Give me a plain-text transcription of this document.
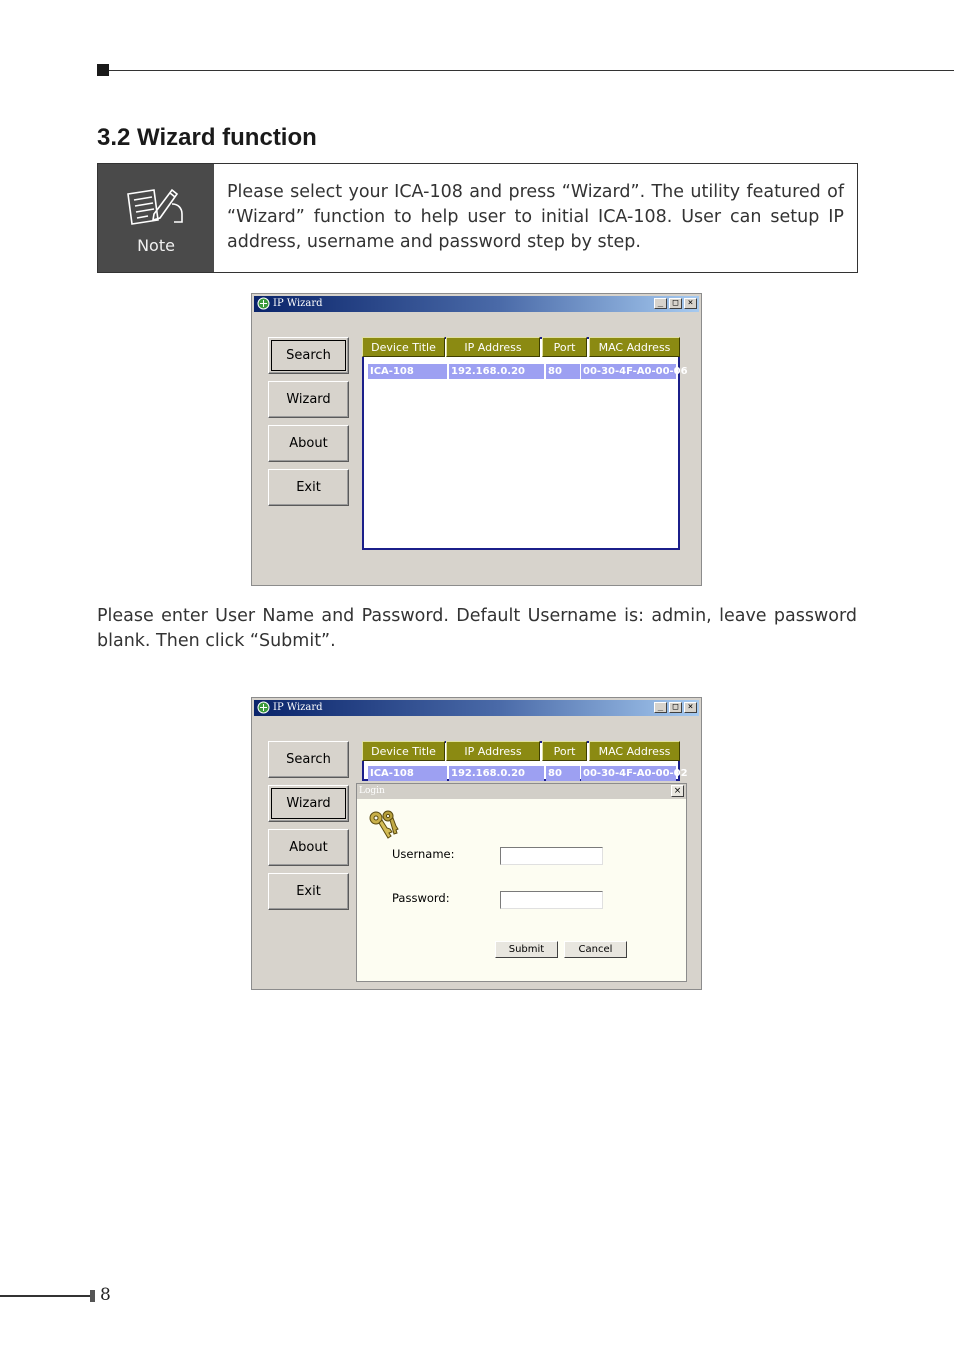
3.2 Wizard function
Note
Please select your ICA-108 and press “Wizard”. The utility featured of “Wizard” function to help user to initial ICA-108. User can setup IP address, username and password step by step.
IP Wizard	_	□	×
Search
Wizard
About
Exit
Device Title	IP Address	Port	MAC Address
ICA-108	192.168.0.20	80	00-30-4F-A0-00-06

Please enter User Name and Password. Default Username is: admin, leave password blank. Then click “Submit”.

IP Wizard	_	□	×
Search
Wizard
About
Exit
Device Title	IP Address	Port	MAC Address
ICA-108	192.168.0.20	80	00-30-4F-A0-00-02
Login	×
Username:
Password:
Submit	Cancel
8
